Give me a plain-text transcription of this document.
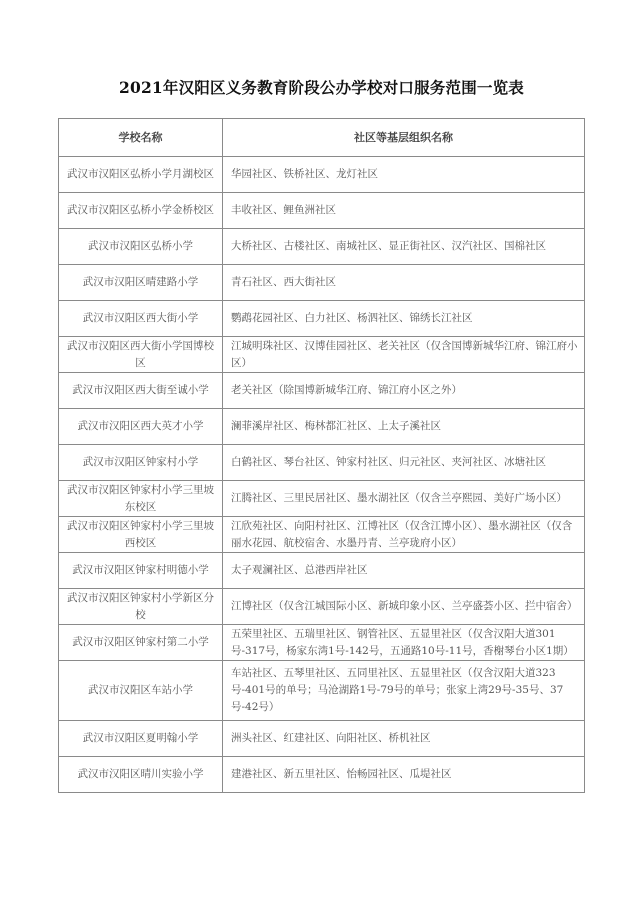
2021年汉阳区义务教育阶段公办学校对口服务范围一览表
学校名称	社区等基层组织名称
武汉市汉阳区弘桥小学月湖校区	华园社区、铁桥社区、龙灯社区
武汉市汉阳区弘桥小学金桥校区	丰收社区、鲤鱼洲社区
武汉市汉阳区弘桥小学	大桥社区、古楼社区、南城社区、显正街社区、汉汽社区、国棉社区
武汉市汉阳区晴建路小学	青石社区、西大街社区
武汉市汉阳区西大街小学	鹦鹉花园社区、白力社区、杨泗社区、锦绣长江社区
武汉市汉阳区西大街小学国博校区	江城明珠社区、汉博佳园社区、老关社区（仅含国博新城华江府、锦江府小区）
武汉市汉阳区西大街至诚小学	老关社区（除国博新城华江府、锦江府小区之外）
武汉市汉阳区西大英才小学	澜菲溪岸社区、梅林都汇社区、上太子溪社区
武汉市汉阳区钟家村小学	白鹤社区、琴台社区、钟家村社区、归元社区、夹河社区、冰塘社区
武汉市汉阳区钟家村小学三里坡东校区	江腾社区、三里民居社区、墨水湖社区（仅含兰亭熙园、美好广场小区）
武汉市汉阳区钟家村小学三里坡西校区	江欣苑社区、向阳村社区、江博社区（仅含江博小区）、墨水湖社区（仅含丽水花园、航校宿舍、水墨丹青、兰亭珑府小区）
武汉市汉阳区钟家村明德小学	太子观澜社区、总港西岸社区
武汉市汉阳区钟家村小学新区分校	江博社区（仅含江城国际小区、新城印象小区、兰亭盛荟小区、拦中宿舍）
武汉市汉阳区钟家村第二小学	五荣里社区、五瑞里社区、钢管社区、五显里社区（仅含汉阳大道301号-317号，杨家东湾1号-142号，五通路10号-11号，香榭琴台小区1期）
武汉市汉阳区车站小学	车站社区、五琴里社区、五同里社区、五显里社区（仅含汉阳大道323号-401号的单号；马沧湖路1号-79号的单号；张家上湾29号-35号、37号-42号）
武汉市汉阳区夏明翰小学	洲头社区、红建社区、向阳社区、桥机社区
武汉市汉阳区晴川实验小学	建港社区、新五里社区、怡畅园社区、瓜堤社区
